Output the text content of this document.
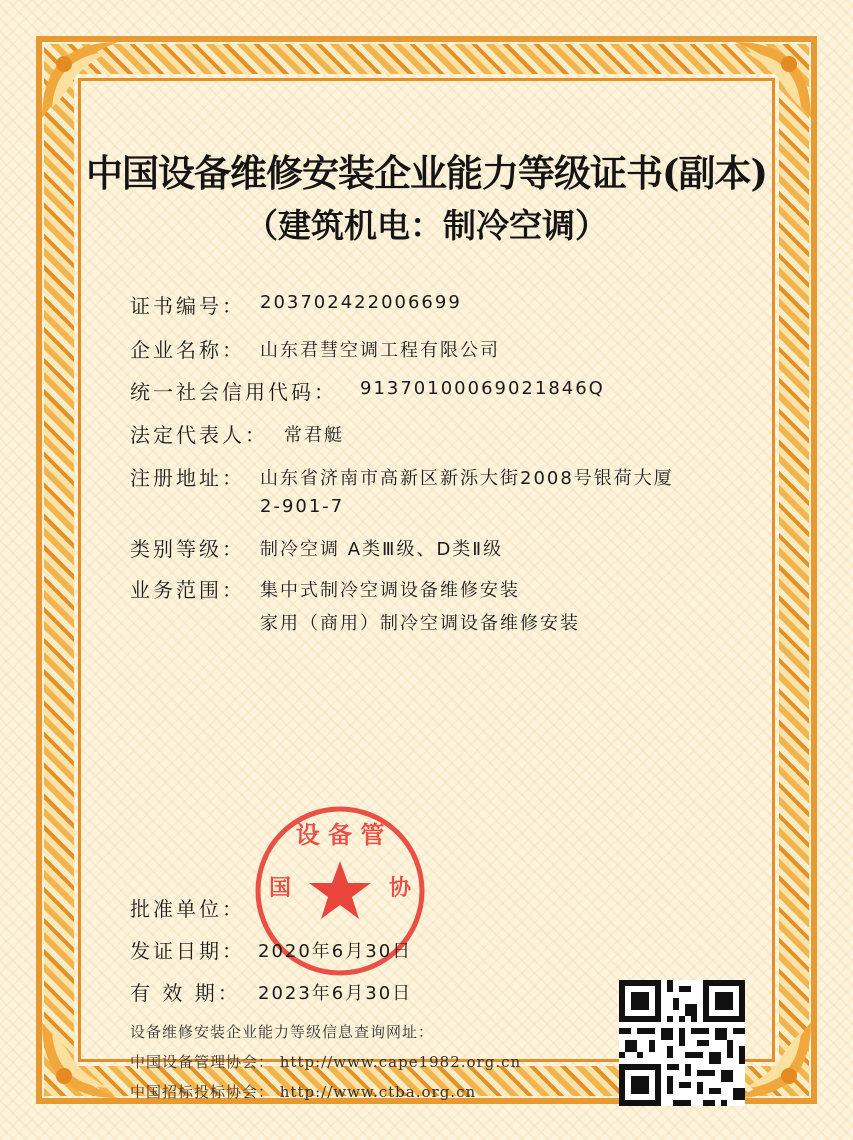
中国设备维修安装企业能力等级证书(副本)
（建筑机电：制冷空调）
证书编号： 203702422006699
企业名称： 山东君彗空调工程有限公司
统一社会信用代码： 91370100069021846Q
法定代表人： 常君艇
注册地址： 山东省济南市高新区新泺大街2008号银荷大厦
2-901-7
类别等级： 制冷空调 A类Ⅲ级、D类Ⅱ级
业务范围： 集中式制冷空调设备维修安装
家用（商用）制冷空调设备维修安装
批准单位：
设 备 管
国	协
发证日期： 2020年6月30日
有 效 期： 2023年6月30日
设备维修安装企业能力等级信息查询网址：
中国设备管理协会： http://www.cape1982.org.cn
中国招标投标协会： http://www.ctba.org.cn
